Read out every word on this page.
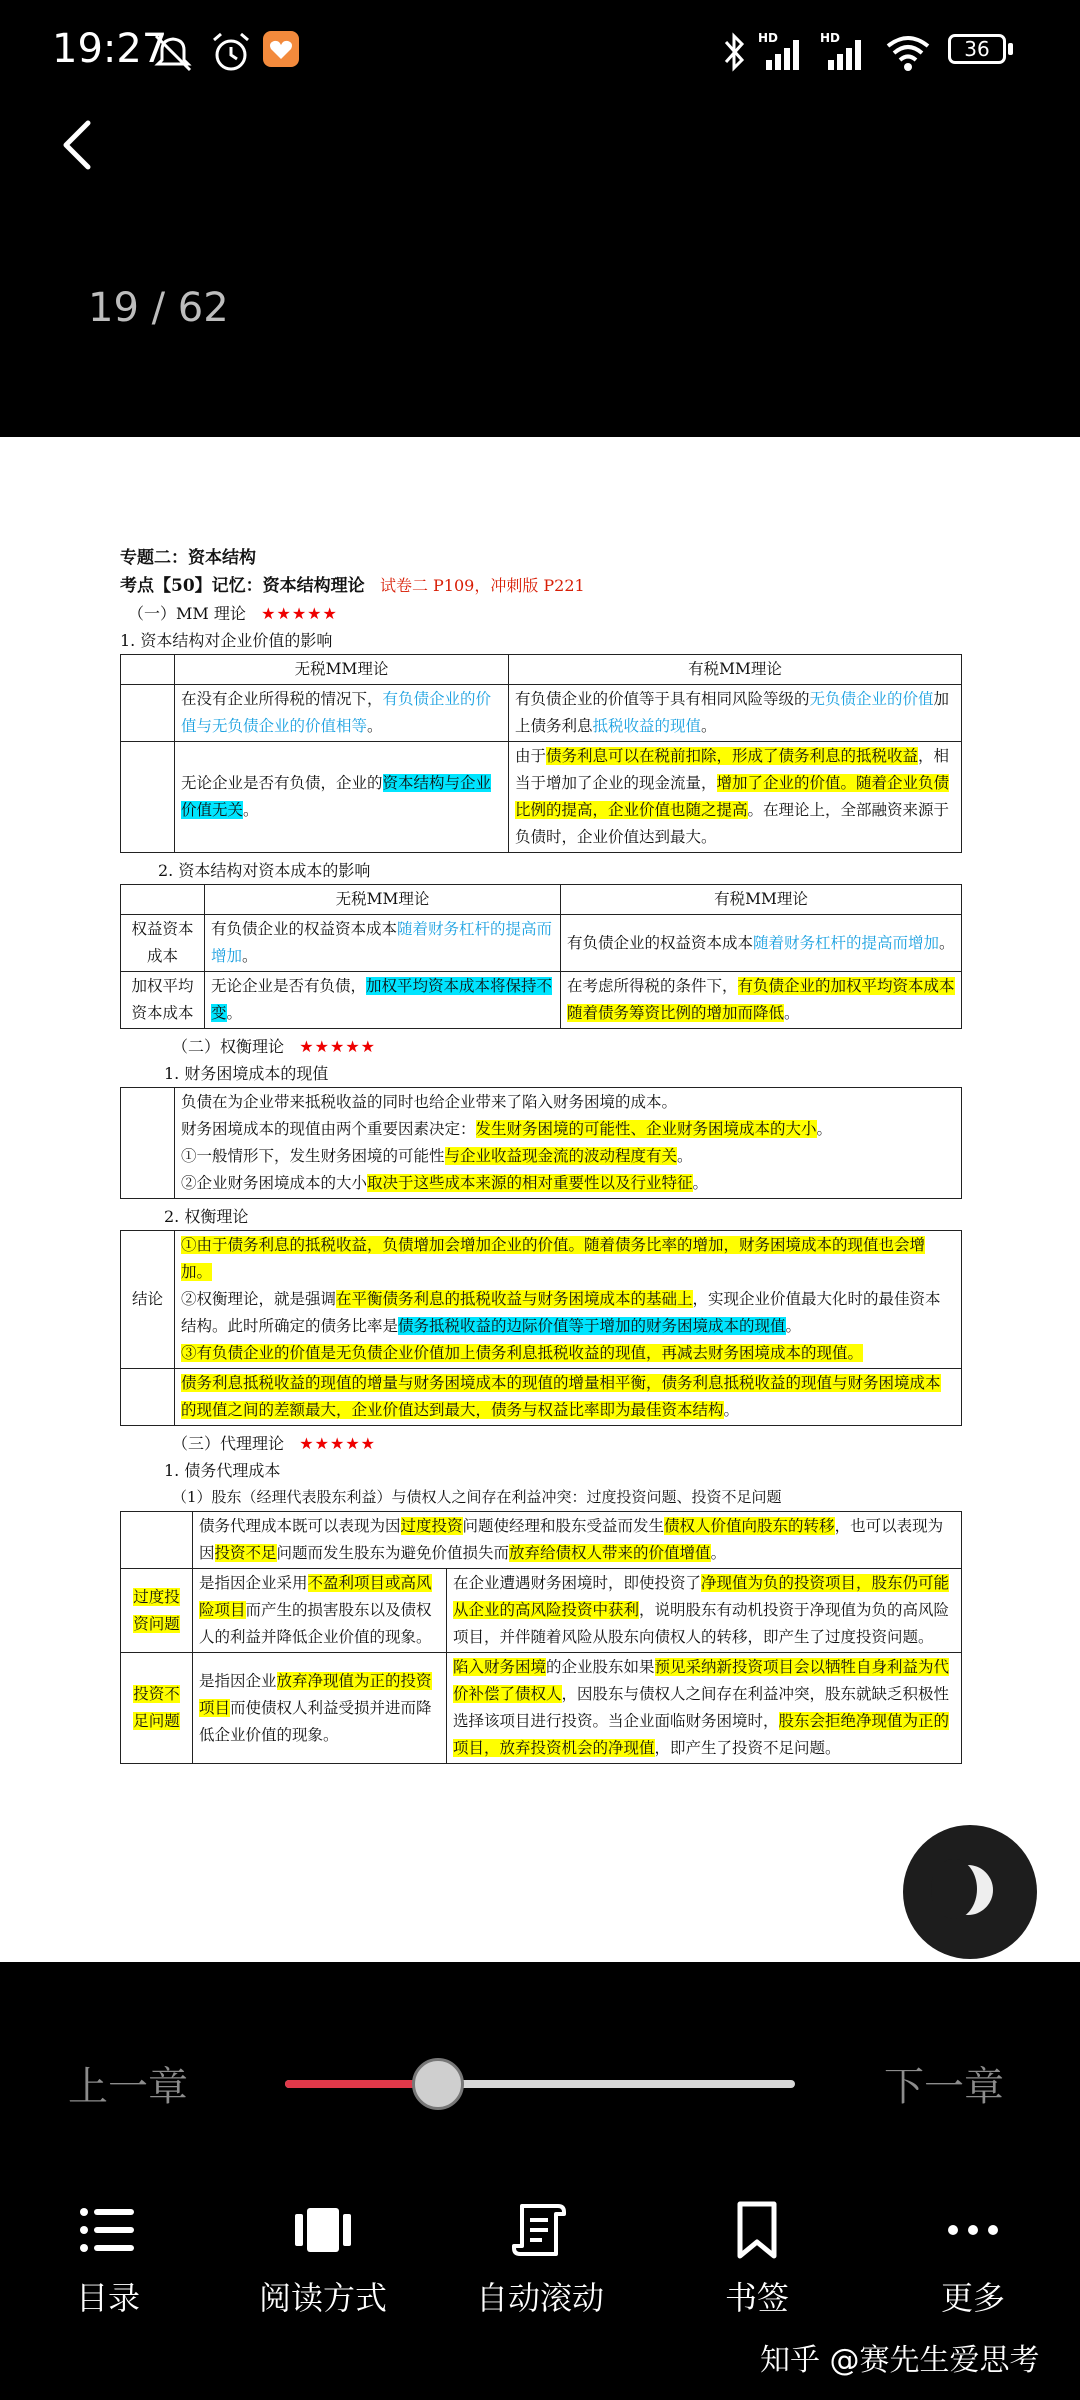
19:27	HD	HD	36
19 / 62
专题二：资本结构
考点【50】记忆：资本结构理论 试卷二 P109，冲刺版 P221
（一）MM 理论 ★★★★★
1. 资本结构对企业价值的影响
	无税MM理论	有税MM理论
	在没有企业所得税的情况下，有负债企业的价值与无负债企业的价值相等。	有负债企业的价值等于具有相同风险等级的无负债企业的价值加上债务利息抵税收益的现值。
	无论企业是否有负债，企业的资本结构与企业价值无关。	由于债务利息可以在税前扣除，形成了债务利息的抵税收益，相当于增加了企业的现金流量，增加了企业的价值。随着企业负债比例的提高，企业价值也随之提高。在理论上，全部融资来源于负债时，企业价值达到最大。
2. 资本结构对资本成本的影响
	无税MM理论	有税MM理论
权益资本成本	有负债企业的权益资本成本随着财务杠杆的提高而增加。	有负债企业的权益资本成本随着财务杠杆的提高而增加。
加权平均资本成本	无论企业是否有负债，加权平均资本成本将保持不变。	在考虑所得税的条件下，有负债企业的加权平均资本成本随着债务筹资比例的增加而降低。
（二）权衡理论 ★★★★★
1. 财务困境成本的现值

负债在为企业带来抵税收益的同时也给企业带来了陷入财务困境的成本。
财务困境成本的现值由两个重要因素决定：发生财务困境的可能性、企业财务困境成本的大小。
①一般情形下，发生财务困境的可能性与企业收益现金流的波动程度有关。
②企业财务困境成本的大小取决于这些成本来源的相对重要性以及行业特征。
2. 权衡理论
结论	①由于债务利息的抵税收益，负债增加会增加企业的价值。随着债务比率的增加，财务困境成本的现值也会增加。
②权衡理论，就是强调在平衡债务利息的抵税收益与财务困境成本的基础上，实现企业价值最大化时的最佳资本结构。此时所确定的债务比率是债务抵税收益的边际价值等于增加的财务困境成本的现值。
③有负债企业的价值是无负债企业价值加上债务利息抵税收益的现值，再减去财务困境成本的现值。

	债务利息抵税收益的现值的增量与财务困境成本的现值的增量相平衡，债务利息抵税收益的现值与财务困境成本的现值之间的差额最大，企业价值达到最大，债务与权益比率即为最佳资本结构。
（三）代理理论 ★★★★★
1. 债务代理成本
（1）股东（经理代表股东利益）与债权人之间存在利益冲突：过度投资问题、投资不足问题
	债务代理成本既可以表现为因过度投资问题使经理和股东受益而发生债权人价值向股东的转移，也可以表现为因投资不足问题而发生股东为避免价值损失而放弃给债权人带来的价值增值。	
过度投资问题	是指因企业采用不盈利项目或高风险项目而产生的损害股东以及债权人的利益并降低企业价值的现象。	在企业遭遇财务困境时，即使投资了净现值为负的投资项目，股东仍可能从企业的高风险投资中获利，说明股东有动机投资于净现值为负的高风险项目，并伴随着风险从股东向债权人的转移，即产生了过度投资问题。
投资不足问题	是指因企业放弃净现值为正的投资项目而使债权人利益受损并进而降低企业价值的现象。	陷入财务困境的企业股东如果预见采纳新投资项目会以牺牲自身利益为代价补偿了债权人，因股东与债权人之间存在利益冲突，股东就缺乏积极性选择该项目进行投资。当企业面临财务困境时，股东会拒绝净现值为正的项目，放弃投资机会的净现值，即产生了投资不足问题。
上一章	下一章
目录	阅读方式	自动滚动	书签	更多
知乎 @赛先生爱思考
